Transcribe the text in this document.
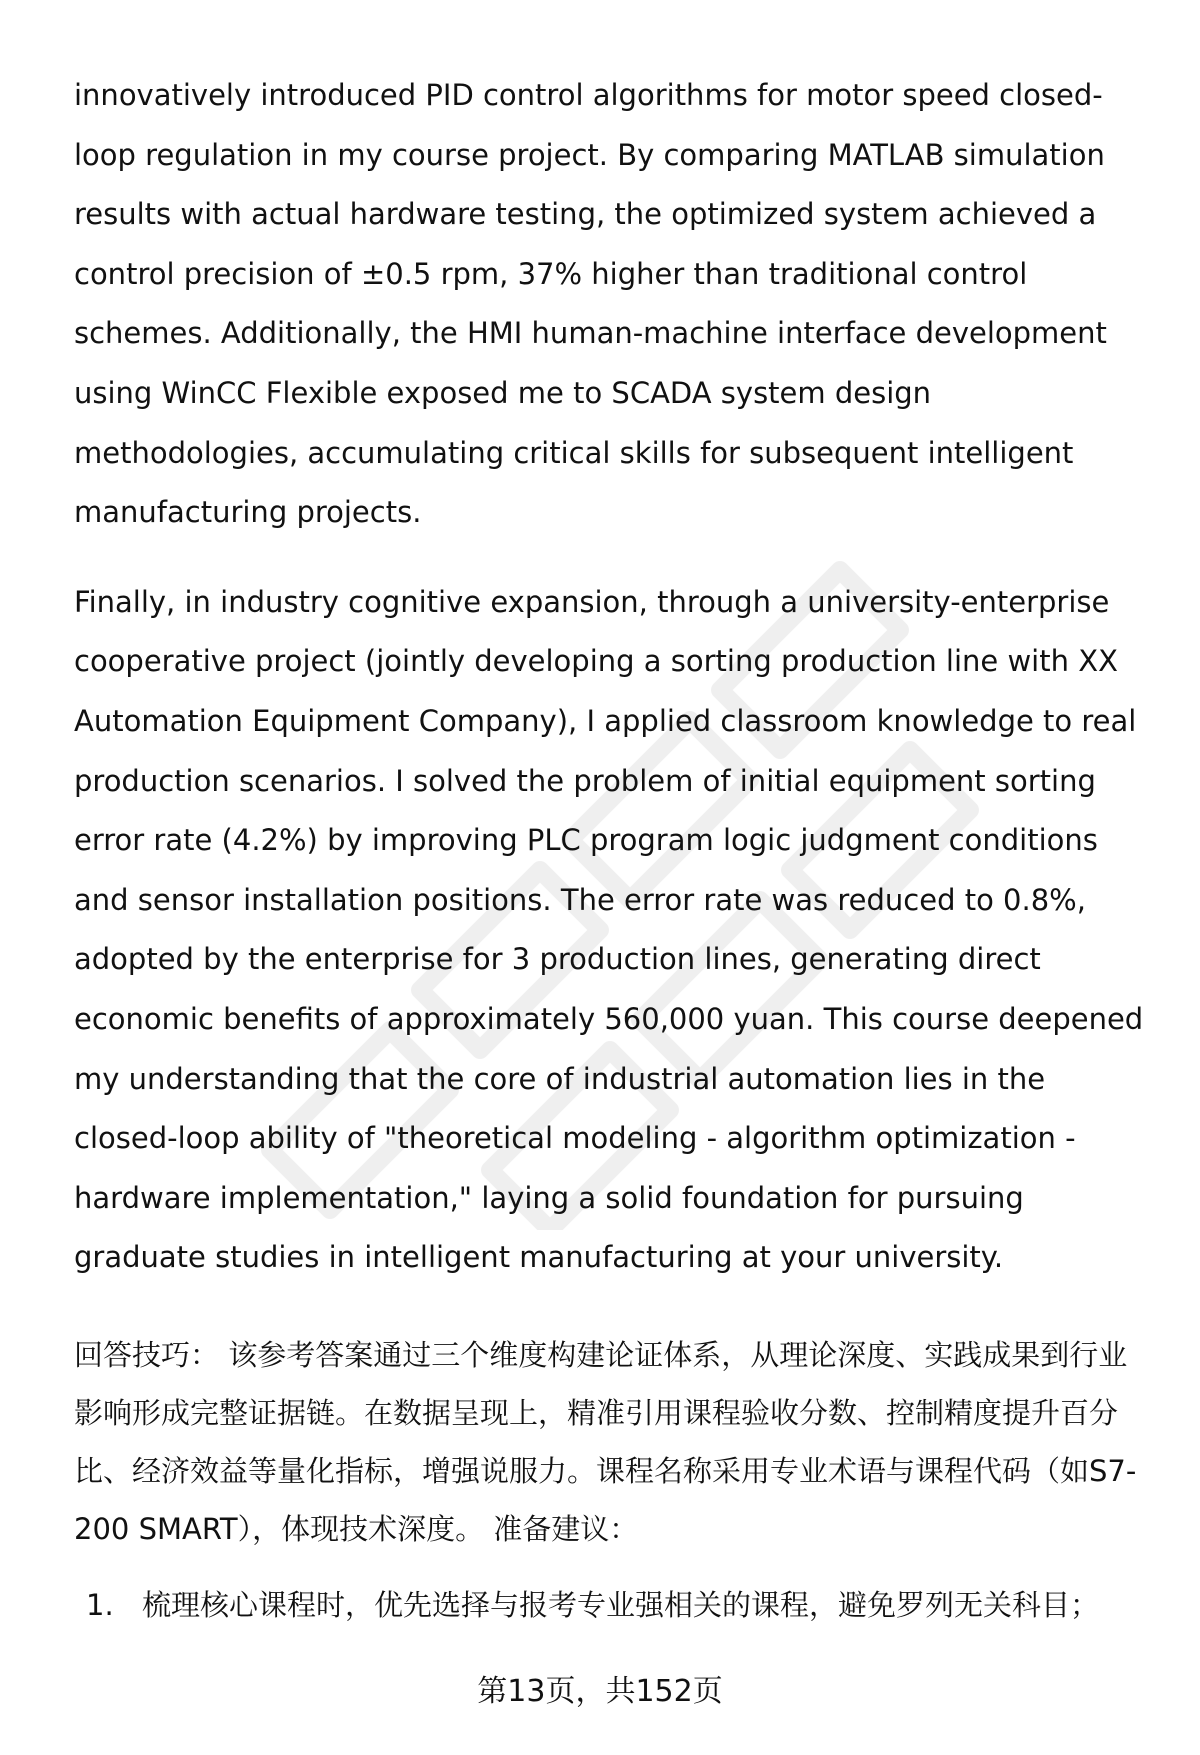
innovatively introduced PID control algorithms for motor speed closed-loop regulation in my course project. By comparing MATLAB simulation results with actual hardware testing, the optimized system achieved a control precision of ±0.5 rpm, 37% higher than traditional control schemes. Additionally, the HMI human-machine interface development using WinCC Flexible exposed me to SCADA system design methodologies, accumulating critical skills for subsequent intelligent manufacturing projects.

Finally, in industry cognitive expansion, through a university-enterprise cooperative project (jointly developing a sorting production line with XX Automation Equipment Company), I applied classroom knowledge to real production scenarios. I solved the problem of initial equipment sorting error rate (4.2%) by improving PLC program logic judgment conditions and sensor installation positions. The error rate was reduced to 0.8%, adopted by the enterprise for 3 production lines, generating direct economic benefits of approximately 560,000 yuan. This course deepened my understanding that the core of industrial automation lies in the closed-loop ability of "theoretical modeling - algorithm optimization - hardware implementation," laying a solid foundation for pursuing graduate studies in intelligent manufacturing at your university.

回答技巧： 该参考答案通过三个维度构建论证体系，从理论深度、实践成果到行业影响形成完整证据链。在数据呈现上，精准引用课程验收分数、控制精度提升百分比、经济效益等量化指标，增强说服力。课程名称采用专业术语与课程代码（如S7-200 SMART），体现技术深度。 准备建议：

1. 梳理核心课程时，优先选择与报考专业强相关的课程，避免罗列无关科目；
第13页，共152页
